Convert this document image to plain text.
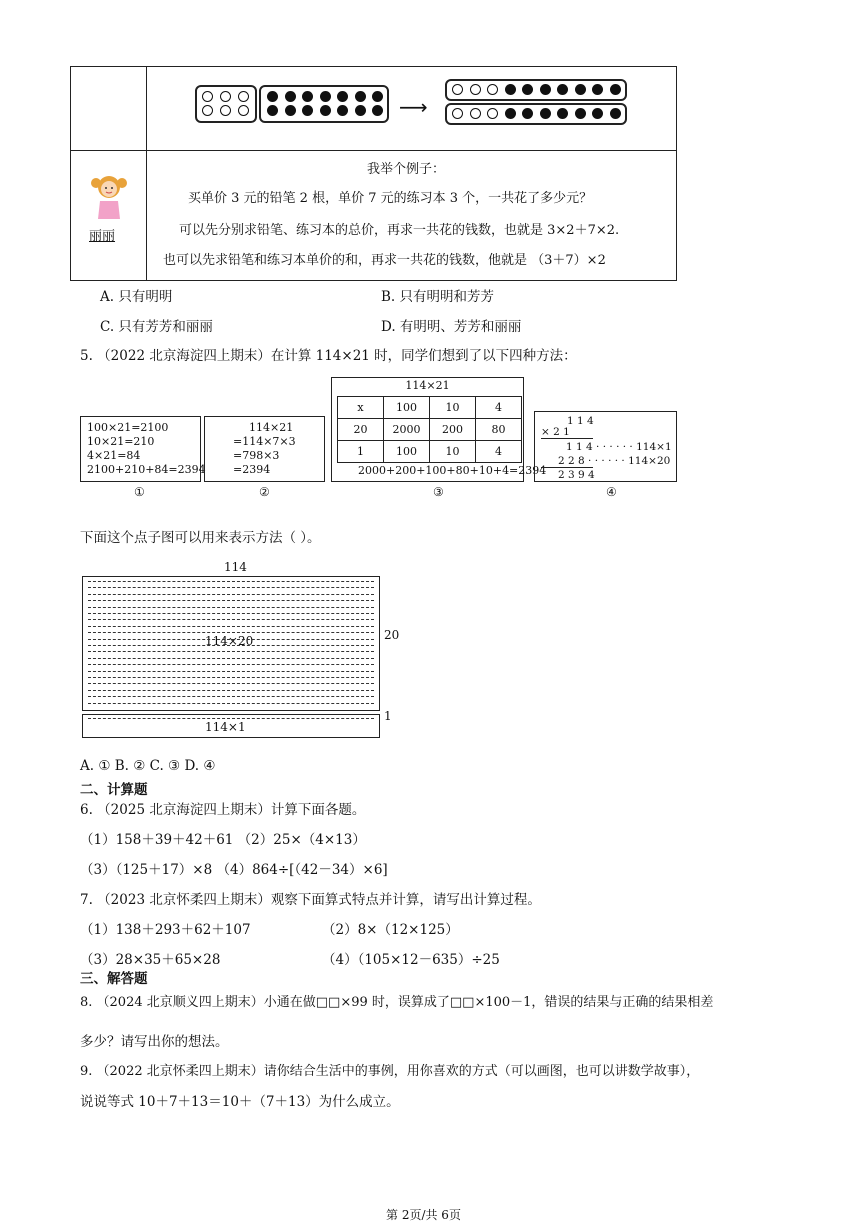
⟶
丽丽
我举个例子：
买单价 3 元的铅笔 2 根，单价 7 元的练习本 3 个，一共花了多少元？
可以先分别求铅笔、练习本的总价，再求一共花的钱数，也就是 3×2＋7×2.
也可以先求铅笔和练习本单价的和，再求一共花的钱数，他就是 （3＋7）×2
A. 只有明明	B. 只有明明和芳芳
C. 只有芳芳和丽丽	D. 有明明、芳芳和丽丽
5. （2022 北京海淀四上期末）在计算 114×21 时，同学们想到了以下四种方法：
100×21=2100
10×21=210
4×21=84
2100+210+84=2394
114×21
=114×7×3
=798×3
=2394
114×21
x	100	10	4
20	2000	200	80
1	100	10	4
2000+200+100+80+10+4=2394
1 1 4
× 2 1
1 1 4 · · · · · · 114×1
2 2 8 · · · · · · 114×20
2 3 9 4
①	②	③	④
下面这个点子图可以用来表示方法（ ）。
114
114×20	20
114×1
1
A. ① B. ② C. ③ D. ④
二、计算题
6. （2025 北京海淀四上期末）计算下面各题。
（1）158＋39＋42＋61 （2）25×（4×13）
（3）（125＋17）×8 （4）864÷[（42－34）×6]
7. （2023 北京怀柔四上期末）观察下面算式特点并计算，请写出计算过程。
（1）138＋293＋62＋107	（2）8×（12×125）
（3）28×35＋65×28	（4）（105×12－635）÷25
三、解答题
8. （2024 北京顺义四上期末）小通在做□□×99 时，误算成了□□×100－1，错误的结果与正确的结果相差
多少？请写出你的想法。
9. （2022 北京怀柔四上期末）请你结合生活中的事例，用你喜欢的方式（可以画图，也可以讲数学故事），
说说等式 10＋7＋13＝10＋（7＋13）为什么成立。
第 2页/共 6页
